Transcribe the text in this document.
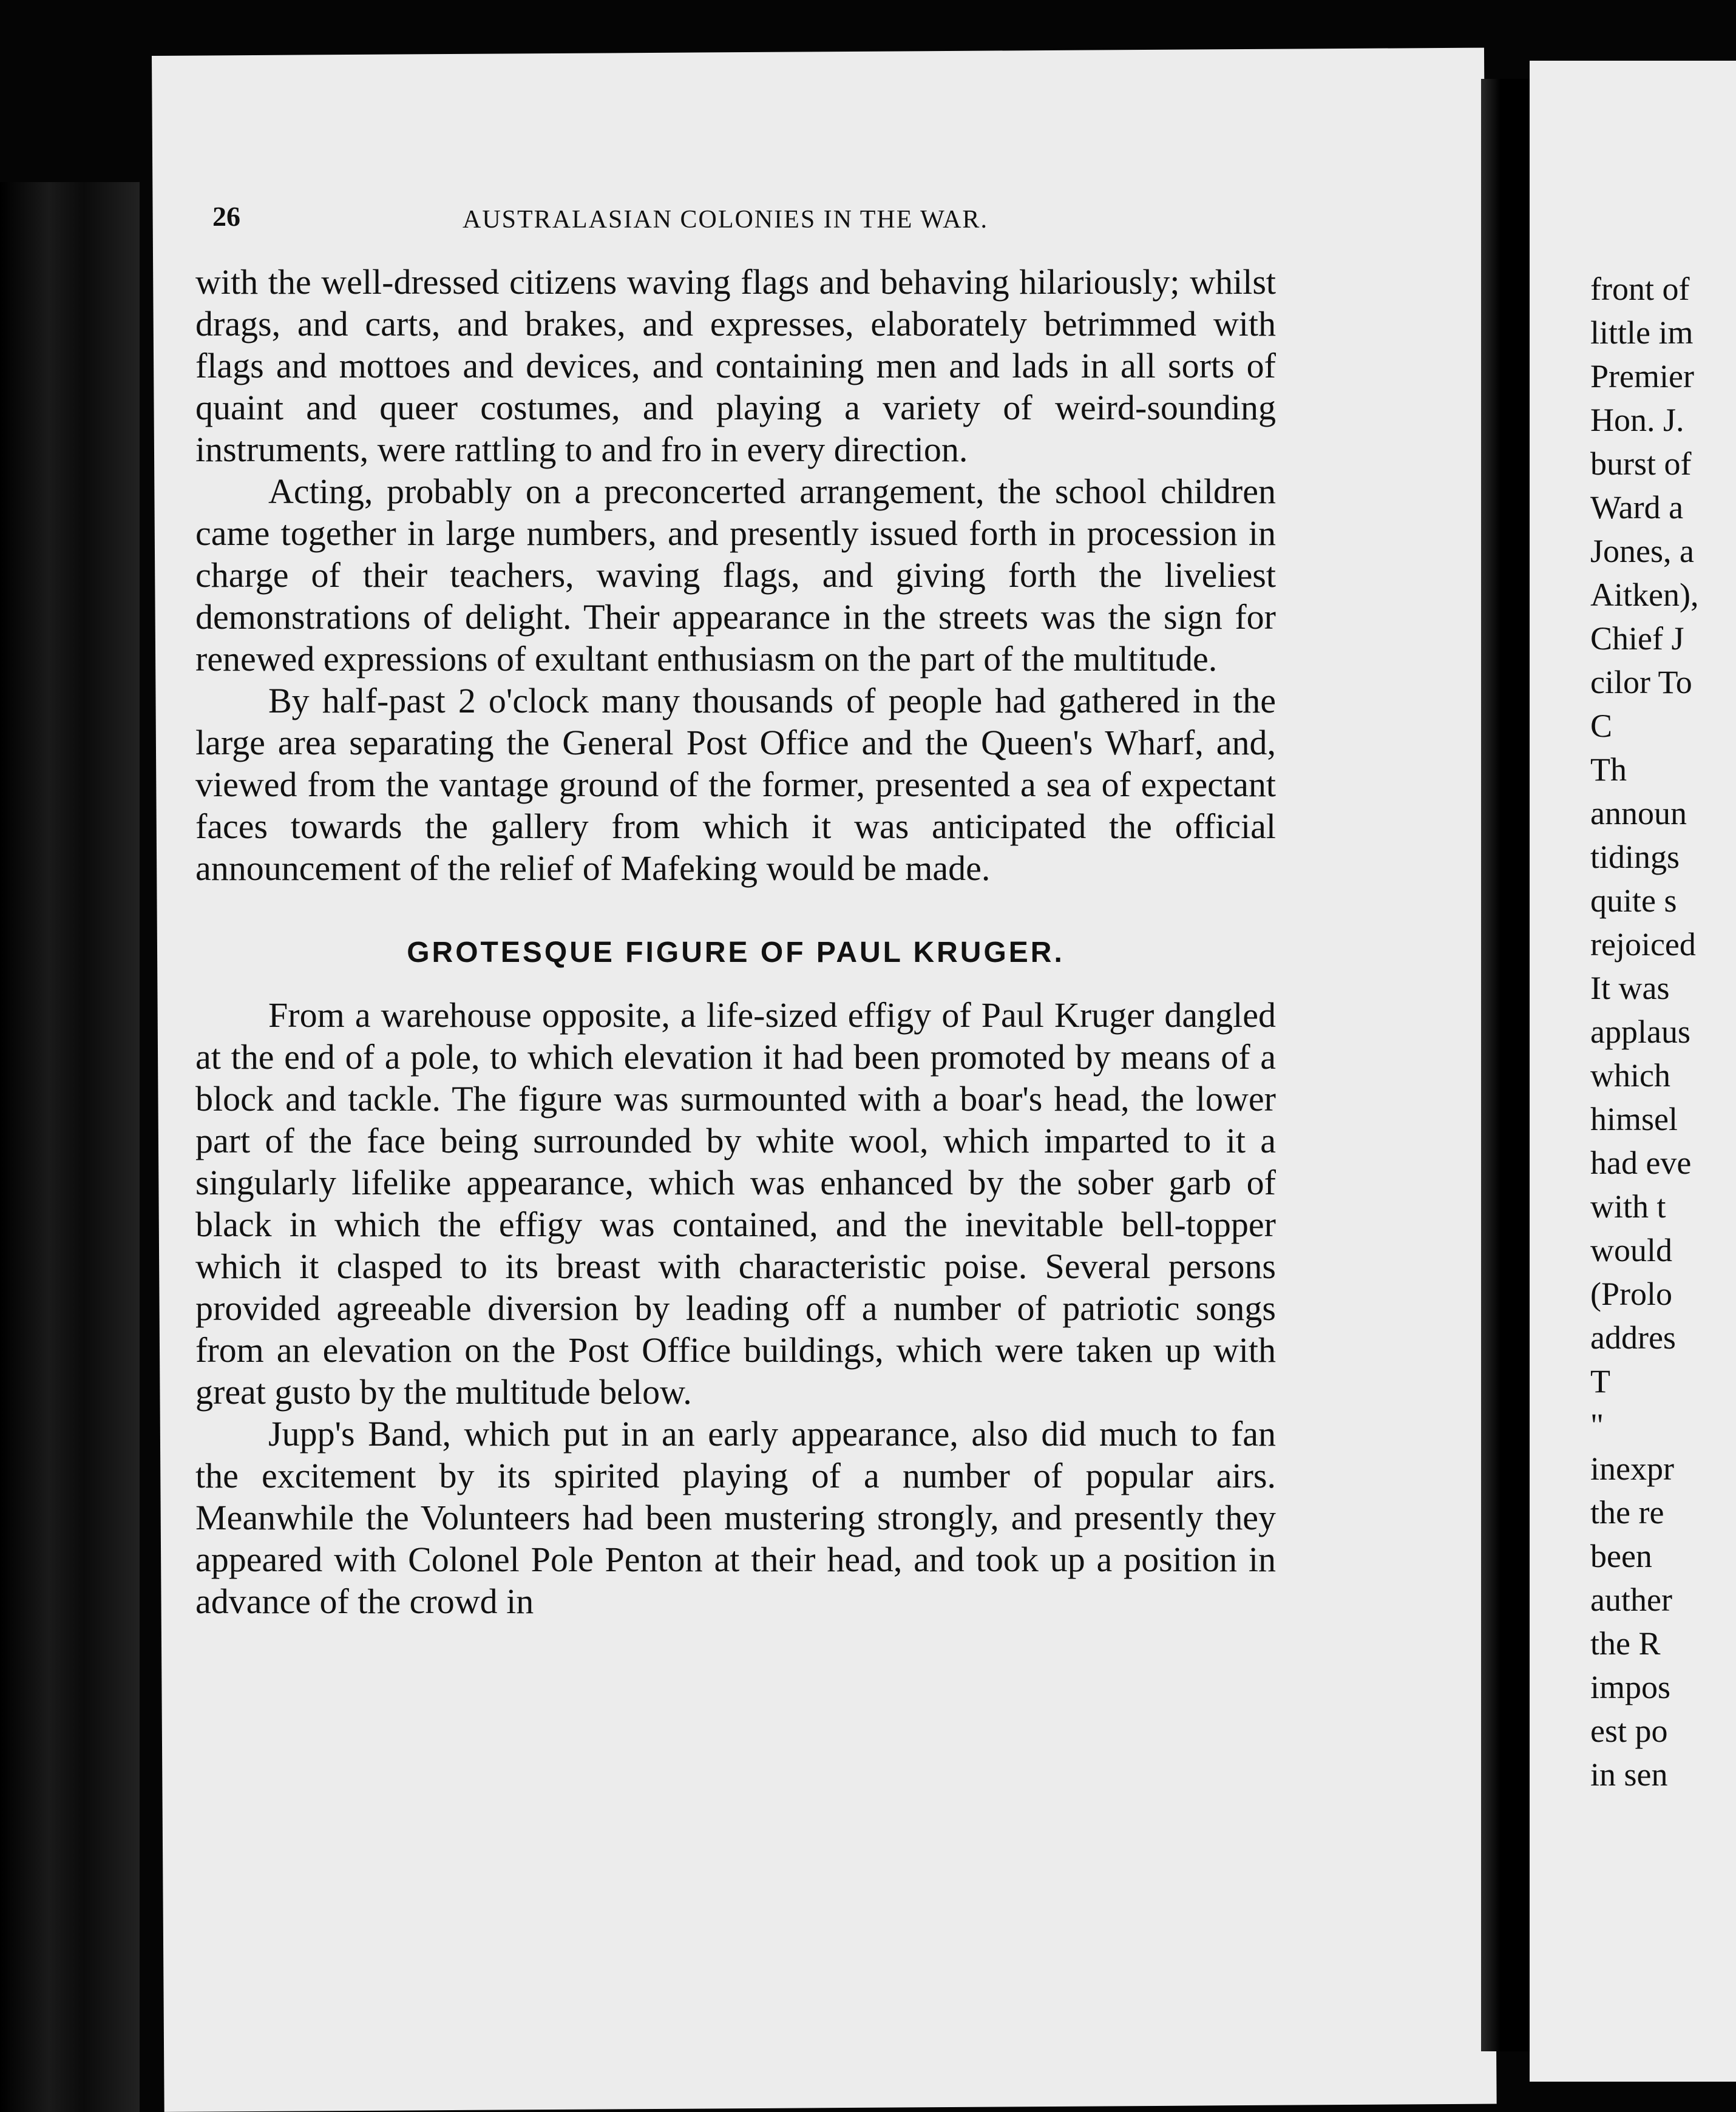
26	AUSTRALASIAN COLONIES IN THE WAR.

with the well-dressed citizens waving flags and behaving hilariously; whilst drags, and carts, and brakes, and expresses, elaborately betrimmed with flags and mottoes and devices, and containing men and lads in all sorts of quaint and queer costumes, and playing a variety of weird-sounding instruments, were rattling to and fro in every direction.

Acting, probably on a preconcerted arrangement, the school children came together in large numbers, and presently issued forth in procession in charge of their teachers, waving flags, and giving forth the liveliest demonstrations of delight. Their appearance in the streets was the sign for renewed expressions of exultant enthusiasm on the part of the multitude.

By half-past 2 o'clock many thousands of people had gathered in the large area separating the General Post Office and the Queen's Wharf, and, viewed from the vantage ground of the former, presented a sea of expectant faces towards the gallery from which it was anticipated the official announcement of the relief of Mafeking would be made.

GROTESQUE FIGURE OF PAUL KRUGER.

From a warehouse opposite, a life-sized effigy of Paul Kruger dangled at the end of a pole, to which elevation it had been promoted by means of a block and tackle. The figure was surmounted with a boar's head, the lower part of the face being surrounded by white wool, which imparted to it a singularly lifelike appearance, which was enhanced by the sober garb of black in which the effigy was contained, and the inevitable bell-topper which it clasped to its breast with characteristic poise. Several persons provided agreeable diversion by leading off a number of patriotic songs from an elevation on the Post Office buildings, which were taken up with great gusto by the multitude below.

Jupp's Band, which put in an early appearance, also did much to fan the excitement by its spirited playing of a number of popular airs. Meanwhile the Volunteers had been mustering strongly, and presently they appeared with Colonel Pole Penton at their head, and took up a position in advance of the crowd in

front of
little im
Premier
Hon. J.
burst of
Ward a
Jones, a
Aitken),
Chief J
cilor To
C
Th
announ
tidings
quite s
rejoiced
It was
applaus
which
himsel
had eve
with t
would
(Prolo
addres
T
"
inexpr
the re
been
auther
the R
impos
est po
in sen
